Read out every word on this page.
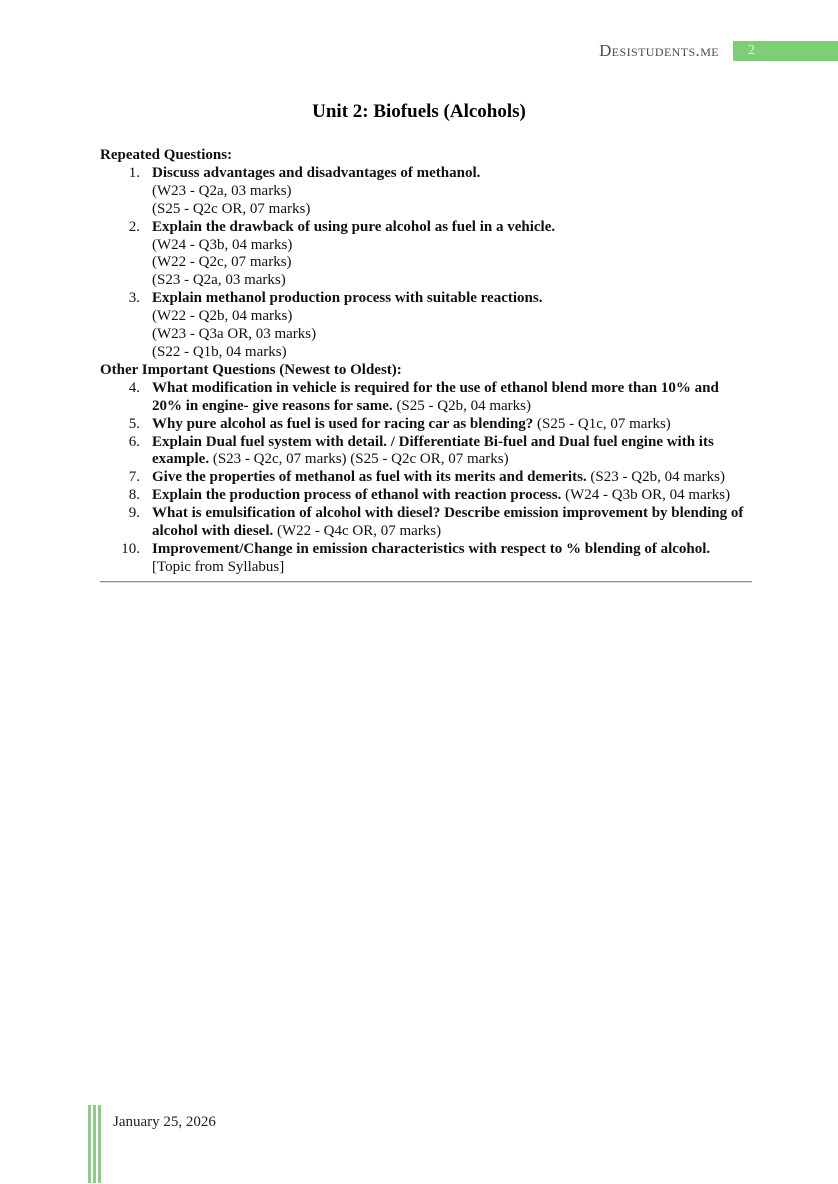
Desistudents.me 2
Unit 2: Biofuels (Alcohols)
Repeated Questions:
1. Discuss advantages and disadvantages of methanol.
(W23 - Q2a, 03 marks)
(S25 - Q2c OR, 07 marks)
2. Explain the drawback of using pure alcohol as fuel in a vehicle.
(W24 - Q3b, 04 marks)
(W22 - Q2c, 07 marks)
(S23 - Q2a, 03 marks)
3. Explain methanol production process with suitable reactions.
(W22 - Q2b, 04 marks)
(W23 - Q3a OR, 03 marks)
(S22 - Q1b, 04 marks)
Other Important Questions (Newest to Oldest):
4. What modification in vehicle is required for the use of ethanol blend more than 10% and 20% in engine- give reasons for same. (S25 - Q2b, 04 marks)
5. Why pure alcohol as fuel is used for racing car as blending? (S25 - Q1c, 07 marks)
6. Explain Dual fuel system with detail. / Differentiate Bi-fuel and Dual fuel engine with its example. (S23 - Q2c, 07 marks) (S25 - Q2c OR, 07 marks)
7. Give the properties of methanol as fuel with its merits and demerits. (S23 - Q2b, 04 marks)
8. Explain the production process of ethanol with reaction process. (W24 - Q3b OR, 04 marks)
9. What is emulsification of alcohol with diesel? Describe emission improvement by blending of alcohol with diesel. (W22 - Q4c OR, 07 marks)
10. Improvement/Change in emission characteristics with respect to % blending of alcohol. [Topic from Syllabus]
January 25, 2026
